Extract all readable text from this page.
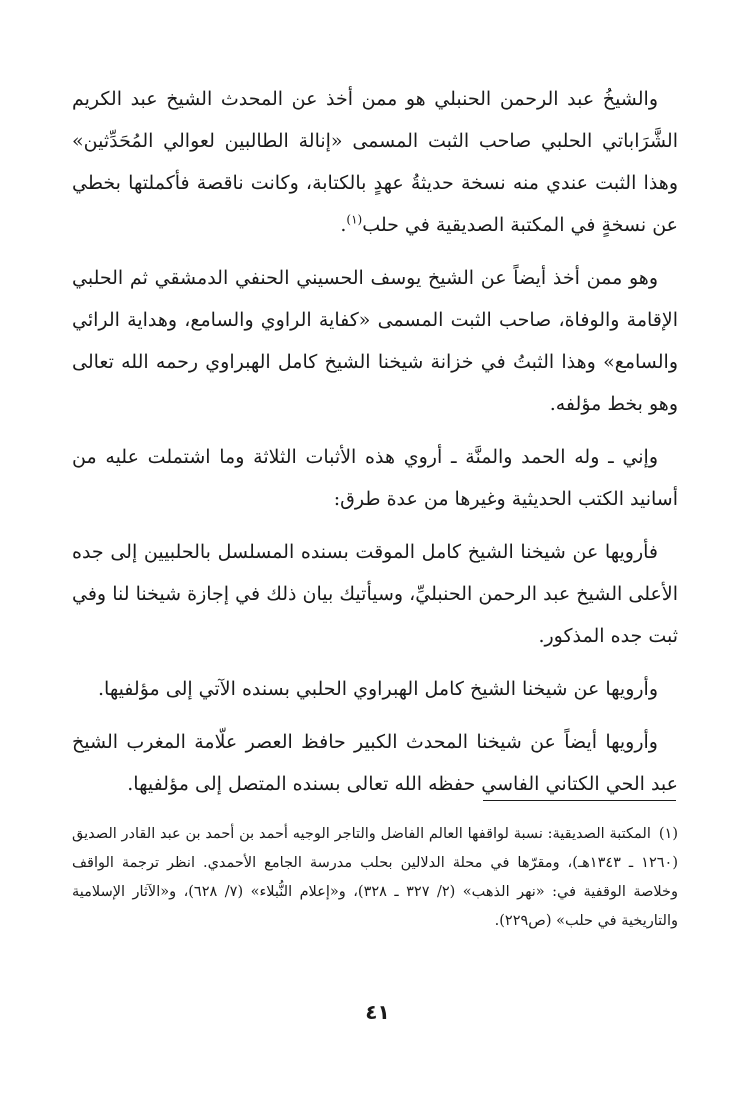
والشيخُ عبد الرحمن الحنبلي هو ممن أخذ عن المحدث الشيخ عبد الكريم الشَّرَاباتي الحلبي صاحب الثبت المسمى «إنالة الطالبين لعوالي المُحَدِّثين» وهذا الثبت عندي منه نسخة حديثةُ عهدٍ بالكتابة، وكانت ناقصة فأكملتها بخطي عن نسخةٍ في المكتبة الصديقية في حلب$^{(١)}$.

وهو ممن أخذ أيضاً عن الشيخ يوسف الحسيني الحنفي الدمشقي ثم الحلبي الإقامة والوفاة، صاحب الثبت المسمى «كفاية الراوي والسامع، وهداية الرائي والسامع» وهذا الثبتُ في خزانة شيخنا الشيخ كامل الهبراوي رحمه الله تعالى وهو بخط مؤلفه.

وإني ـ وله الحمد والمنَّة ـ أروي هذه الأثبات الثلاثة وما اشتملت عليه من أسانيد الكتب الحديثية وغيرها من عدة طرق:

فأرويها عن شيخنا الشيخ كامل الموقت بسنده المسلسل بالحلبيين إلى جده الأعلى الشيخ عبد الرحمن الحنبليِّ، وسيأتيك بيان ذلك في إجازة شيخنا لنا وفي ثبت جده المذكور.

وأرويها عن شيخنا الشيخ كامل الهبراوي الحلبي بسنده الآتي إلى مؤلفيها.

وأرويها أيضاً عن شيخنا المحدث الكبير حافظ العصر علّامة المغرب الشيخ عبد الحي الكتاني الفاسي حفظه الله تعالى بسنده المتصل إلى مؤلفيها.

(١)المكتبة الصديقية: نسبة لواقفها العالم الفاضل والتاجر الوجيه أحمد بن أحمد بن عبد القادر الصديق (١٢٦٠ ـ ١٣٤٣هـ)، ومقرّها في محلة الدلالين بحلب مدرسة الجامع الأحمدي. انظر ترجمة الواقف وخلاصة الوقفية في: «نهر الذهب» (٢/ ٣٢٧ ـ ٣٢٨)، و«إعلام النُّبلاء» (٧/ ٦٢٨)، و«الآثار الإسلامية والتاريخية في حلب» (ص٢٢٩).
٤١
